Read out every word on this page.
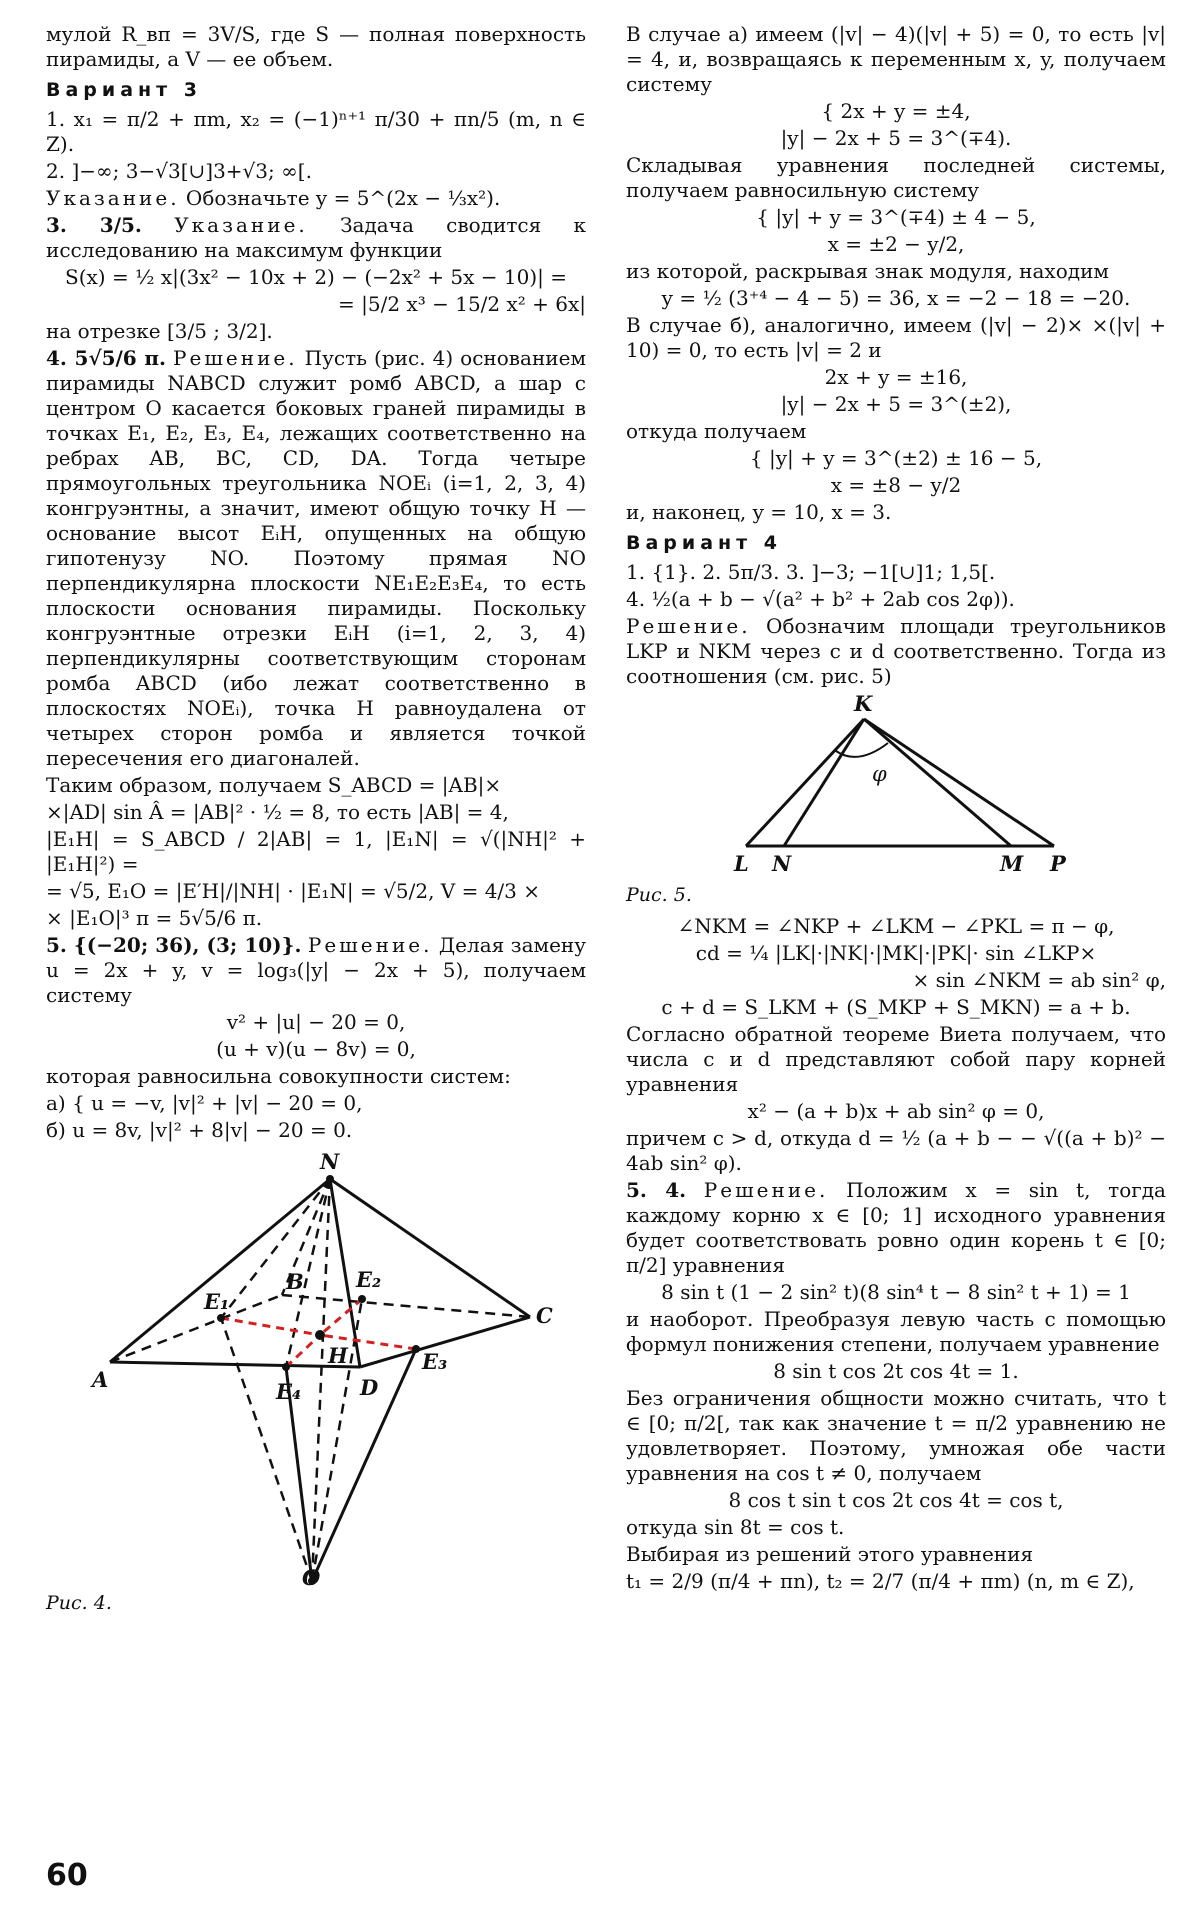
мулой R_вп = 3V/S, где S — полная поверхность пирамиды, а V — ее объем.

Вариант 3

1. x₁ = π/2 + πm, x₂ = (−1)ⁿ⁺¹ π/30 + πn/5 (m, n ∈ Z).

2. ]−∞; 3−√3[∪]3+√3; ∞[.

Указание. Обозначьте y = 5^(2x − ⅓x²).

3. 3/5. Указание. Задача сводится к исследованию на максимум функции

S(x) = ½ x|(3x² − 10x + 2) − (−2x² + 5x − 10)| =

= |5/2 x³ − 15/2 x² + 6x|

на отрезке [3/5 ; 3/2].

4. 5√5/6 π. Решение. Пусть (рис. 4) основанием пирамиды NABCD служит ромб ABCD, а шар с центром O касается боковых граней пирамиды в точках E₁, E₂, E₃, E₄, лежащих соответственно на ребрах AB, BC, CD, DA. Тогда четыре прямоугольных треугольника NOEᵢ (i=1, 2, 3, 4) конгруэнтны, а значит, имеют общую точку H — основание высот EᵢH, опущенных на общую гипотенузу NO. Поэтому прямая NO перпендикулярна плоскости NE₁E₂E₃E₄, то есть плоскости основания пирамиды. Поскольку конгруэнтные отрезки EᵢH (i=1, 2, 3, 4) перпендикулярны соответствующим сторонам ромба ABCD (ибо лежат соответственно в плоскостях NOEᵢ), точка H равноудалена от четырех сторон ромба и является точкой пересечения его диагоналей.

Таким образом, получаем S_ABCD = |AB|×

×|AD| sin Â = |AB|² · ½ = 8, то есть |AB| = 4,

|E₁H| = S_ABCD / 2|AB| = 1, |E₁N| = √(|NH|² + |E₁H|²) =

= √5, E₁O = |E′H|/|NH| · |E₁N| = √5/2, V = 4/3 ×

× |E₁O|³ π = 5√5/6 π.

5. {(−20; 36), (3; 10)}. Решение. Делая замену u = 2x + y, v = log₃(|y| − 2x + 5), получаем систему

v² + |u| − 20 = 0,

(u + v)(u − 8v) = 0,

которая равносильна совокупности систем:

а) { u = −v, |v|² + |v| − 20 = 0,

б) u = 8v, |v|² + 8|v| − 20 = 0.

N
A
B
C
D
E₁
E₂
E₃
E₄
H
O

Рис. 4.

В случае а) имеем (|v| − 4)(|v| + 5) = 0, то есть |v| = 4, и, возвращаясь к переменным x, y, получаем систему

{ 2x + y = ±4,

|y| − 2x + 5 = 3^(∓4).

Складывая уравнения последней системы, получаем равносильную систему

{ |y| + y = 3^(∓4) ± 4 − 5,

x = ±2 − y/2,

из которой, раскрывая знак модуля, находим

y = ½ (3⁺⁴ − 4 − 5) = 36, x = −2 − 18 = −20.

В случае б), аналогично, имеем (|v| − 2)× ×(|v| + 10) = 0, то есть |v| = 2 и

2x + y = ±16,

|y| − 2x + 5 = 3^(±2),

откуда получаем

{ |y| + y = 3^(±2) ± 16 − 5,

x = ±8 − y/2

и, наконец, y = 10, x = 3.

Вариант 4

1. {1}. 2. 5π/3. 3. ]−3; −1[∪]1; 1,5[.

4. ½(a + b − √(a² + b² + 2ab cos 2φ)).

Решение. Обозначим площади треугольников LKP и NKM через c и d соответственно. Тогда из соотношения (см. рис. 5)

K
L N	M P
φ

Рис. 5.

∠NKM = ∠NKP + ∠LKM − ∠PKL = π − φ,

cd = ¼ |LK|·|NK|·|MK|·|PK|· sin ∠LKP×

× sin ∠NKM = ab sin² φ,

c + d = S_LKM + (S_MKP + S_MKN) = a + b.

Согласно обратной теореме Виета получаем, что числа c и d представляют собой пару корней уравнения

x² − (a + b)x + ab sin² φ = 0,

причем c > d, откуда d = ½ (a + b − − √((a + b)² − 4ab sin² φ).

5. 4. Решение. Положим x = sin t, тогда каждому корню x ∈ [0; 1] исходного уравнения будет соответствовать ровно один корень t ∈ [0; π/2] уравнения

8 sin t (1 − 2 sin² t)(8 sin⁴ t − 8 sin² t + 1) = 1

и наоборот. Преобразуя левую часть с помощью формул понижения степени, получаем уравнение

8 sin t cos 2t cos 4t = 1.

Без ограничения общности можно считать, что t ∈ [0; π/2[, так как значение t = π/2 уравнению не удовлетворяет. Поэтому, умножая обе части уравнения на cos t ≠ 0, получаем

8 cos t sin t cos 2t cos 4t = cos t,

откуда sin 8t = cos t.

Выбирая из решений этого уравнения

t₁ = 2/9 (π/4 + πn), t₂ = 2/7 (π/4 + πm) (n, m ∈ Z),

60
